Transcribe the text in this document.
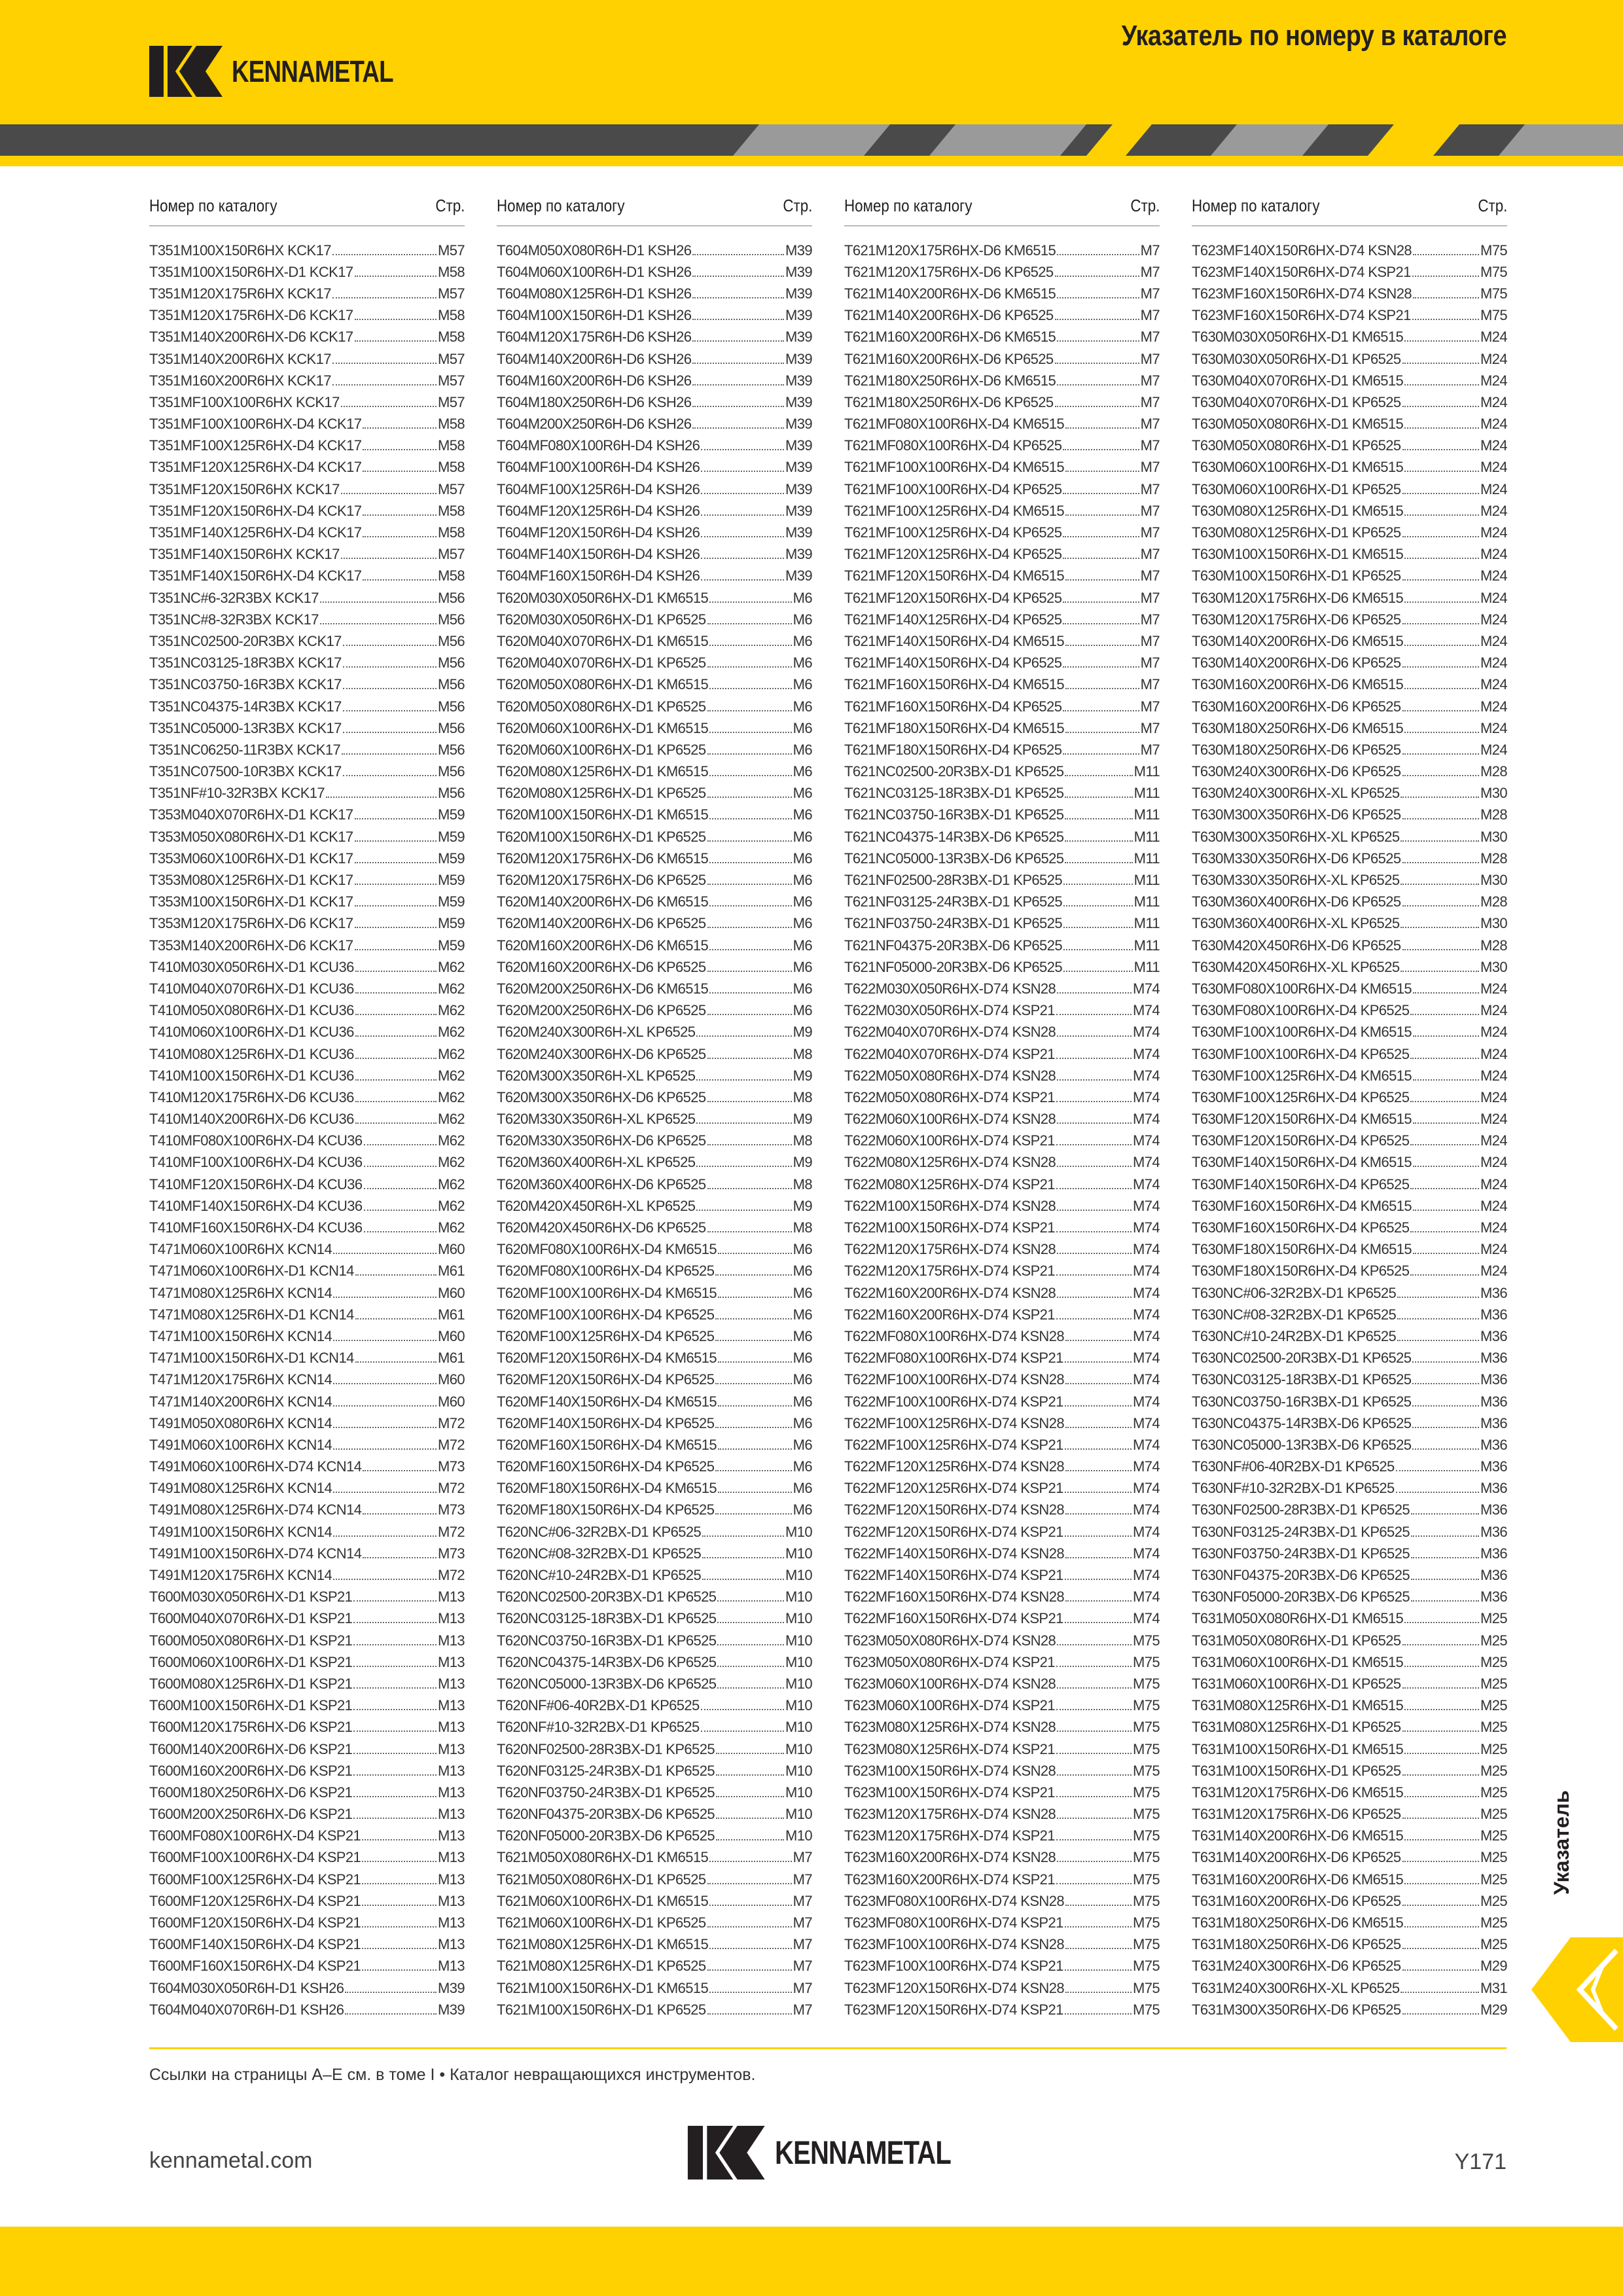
Указатель по номеру в каталоге
KENNAMETAL
Номер по каталогу	Стр.
T351M100X150R6HX KCK17	M57
T351M100X150R6HX-D1 KCK17	M58
T351M120X175R6HX KCK17	M57
T351M120X175R6HX-D6 KCK17	M58
T351M140X200R6HX-D6 KCK17	M58
T351M140X200R6HX KCK17	M57
T351M160X200R6HX KCK17	M57
T351MF100X100R6HX KCK17	M57
T351MF100X100R6HX-D4 KCK17	M58
T351MF100X125R6HX-D4 KCK17	M58
T351MF120X125R6HX-D4 KCK17	M58
T351MF120X150R6HX KCK17	M57
T351MF120X150R6HX-D4 KCK17	M58
T351MF140X125R6HX-D4 KCK17	M58
T351MF140X150R6HX KCK17	M57
T351MF140X150R6HX-D4 KCK17	M58
T351NC#6-32R3BX KCK17	M56
T351NC#8-32R3BX KCK17	M56
T351NC02500-20R3BX KCK17	M56
T351NC03125-18R3BX KCK17	M56
T351NC03750-16R3BX KCK17	M56
T351NC04375-14R3BX KCK17	M56
T351NC05000-13R3BX KCK17	M56
T351NC06250-11R3BX KCK17	M56
T351NC07500-10R3BX KCK17	M56
T351NF#10-32R3BX KCK17	M56
T353M040X070R6HX-D1 KCK17	M59
T353M050X080R6HX-D1 KCK17	M59
T353M060X100R6HX-D1 KCK17	M59
T353M080X125R6HX-D1 KCK17	M59
T353M100X150R6HX-D1 KCK17	M59
T353M120X175R6HX-D6 KCK17	M59
T353M140X200R6HX-D6 KCK17	M59
T410M030X050R6HX-D1 KCU36	M62
T410M040X070R6HX-D1 KCU36	M62
T410M050X080R6HX-D1 KCU36	M62
T410M060X100R6HX-D1 KCU36	M62
T410M080X125R6HX-D1 KCU36	M62
T410M100X150R6HX-D1 KCU36	M62
T410M120X175R6HX-D6 KCU36	M62
T410M140X200R6HX-D6 KCU36	M62
T410MF080X100R6HX-D4 KCU36	M62
T410MF100X100R6HX-D4 KCU36	M62
T410MF120X150R6HX-D4 KCU36	M62
T410MF140X150R6HX-D4 KCU36	M62
T410MF160X150R6HX-D4 KCU36	M62
T471M060X100R6HX KCN14	M60
T471M060X100R6HX-D1 KCN14	M61
T471M080X125R6HX KCN14	M60
T471M080X125R6HX-D1 KCN14	M61
T471M100X150R6HX KCN14	M60
T471M100X150R6HX-D1 KCN14	M61
T471M120X175R6HX KCN14	M60
T471M140X200R6HX KCN14	M60
T491M050X080R6HX KCN14	M72
T491M060X100R6HX KCN14	M72
T491M060X100R6HX-D74 KCN14	M73
T491M080X125R6HX KCN14	M72
T491M080X125R6HX-D74 KCN14	M73
T491M100X150R6HX KCN14	M72
T491M100X150R6HX-D74 KCN14	M73
T491M120X175R6HX KCN14	M72
T600M030X050R6HX-D1 KSP21	M13
T600M040X070R6HX-D1 KSP21	M13
T600M050X080R6HX-D1 KSP21	M13
T600M060X100R6HX-D1 KSP21	M13
T600M080X125R6HX-D1 KSP21	M13
T600M100X150R6HX-D1 KSP21	M13
T600M120X175R6HX-D6 KSP21	M13
T600M140X200R6HX-D6 KSP21	M13
T600M160X200R6HX-D6 KSP21	M13
T600M180X250R6HX-D6 KSP21	M13
T600M200X250R6HX-D6 KSP21	M13
T600MF080X100R6HX-D4 KSP21	M13
T600MF100X100R6HX-D4 KSP21	M13
T600MF100X125R6HX-D4 KSP21	M13
T600MF120X125R6HX-D4 KSP21	M13
T600MF120X150R6HX-D4 KSP21	M13
T600MF140X150R6HX-D4 KSP21	M13
T600MF160X150R6HX-D4 KSP21	M13
T604M030X050R6H-D1 KSH26	M39
T604M040X070R6H-D1 KSH26	M39
Номер по каталогу	Стр.
T604M050X080R6H-D1 KSH26	M39
T604M060X100R6H-D1 KSH26	M39
T604M080X125R6H-D1 KSH26	M39
T604M100X150R6H-D1 KSH26	M39
T604M120X175R6H-D6 KSH26	M39
T604M140X200R6H-D6 KSH26	M39
T604M160X200R6H-D6 KSH26	M39
T604M180X250R6H-D6 KSH26	M39
T604M200X250R6H-D6 KSH26	M39
T604MF080X100R6H-D4 KSH26	M39
T604MF100X100R6H-D4 KSH26	M39
T604MF100X125R6H-D4 KSH26	M39
T604MF120X125R6H-D4 KSH26	M39
T604MF120X150R6H-D4 KSH26	M39
T604MF140X150R6H-D4 KSH26	M39
T604MF160X150R6H-D4 KSH26	M39
T620M030X050R6HX-D1 KM6515	M6
T620M030X050R6HX-D1 KP6525	M6
T620M040X070R6HX-D1 KM6515	M6
T620M040X070R6HX-D1 KP6525	M6
T620M050X080R6HX-D1 KM6515	M6
T620M050X080R6HX-D1 KP6525	M6
T620M060X100R6HX-D1 KM6515	M6
T620M060X100R6HX-D1 KP6525	M6
T620M080X125R6HX-D1 KM6515	M6
T620M080X125R6HX-D1 KP6525	M6
T620M100X150R6HX-D1 KM6515	M6
T620M100X150R6HX-D1 KP6525	M6
T620M120X175R6HX-D6 KM6515	M6
T620M120X175R6HX-D6 KP6525	M6
T620M140X200R6HX-D6 KM6515	M6
T620M140X200R6HX-D6 KP6525	M6
T620M160X200R6HX-D6 KM6515	M6
T620M160X200R6HX-D6 KP6525	M6
T620M200X250R6HX-D6 KM6515	M6
T620M200X250R6HX-D6 KP6525	M6
T620M240X300R6H-XL KP6525	M9
T620M240X300R6HX-D6 KP6525	M8
T620M300X350R6H-XL KP6525	M9
T620M300X350R6HX-D6 KP6525	M8
T620M330X350R6H-XL KP6525	M9
T620M330X350R6HX-D6 KP6525	M8
T620M360X400R6H-XL KP6525	M9
T620M360X400R6HX-D6 KP6525	M8
T620M420X450R6H-XL KP6525	M9
T620M420X450R6HX-D6 KP6525	M8
T620MF080X100R6HX-D4 KM6515	M6
T620MF080X100R6HX-D4 KP6525	M6
T620MF100X100R6HX-D4 KM6515	M6
T620MF100X100R6HX-D4 KP6525	M6
T620MF100X125R6HX-D4 KP6525	M6
T620MF120X150R6HX-D4 KM6515	M6
T620MF120X150R6HX-D4 KP6525	M6
T620MF140X150R6HX-D4 KM6515	M6
T620MF140X150R6HX-D4 KP6525	M6
T620MF160X150R6HX-D4 KM6515	M6
T620MF160X150R6HX-D4 KP6525	M6
T620MF180X150R6HX-D4 KM6515	M6
T620MF180X150R6HX-D4 KP6525	M6
T620NC#06-32R2BX-D1 KP6525	M10
T620NC#08-32R2BX-D1 KP6525	M10
T620NC#10-24R2BX-D1 KP6525	M10
T620NC02500-20R3BX-D1 KP6525	M10
T620NC03125-18R3BX-D1 KP6525	M10
T620NC03750-16R3BX-D1 KP6525	M10
T620NC04375-14R3BX-D6 KP6525	M10
T620NC05000-13R3BX-D6 KP6525	M10
T620NF#06-40R2BX-D1 KP6525	M10
T620NF#10-32R2BX-D1 KP6525	M10
T620NF02500-28R3BX-D1 KP6525	M10
T620NF03125-24R3BX-D1 KP6525	M10
T620NF03750-24R3BX-D1 KP6525	M10
T620NF04375-20R3BX-D6 KP6525	M10
T620NF05000-20R3BX-D6 KP6525	M10
T621M050X080R6HX-D1 KM6515	M7
T621M050X080R6HX-D1 KP6525	M7
T621M060X100R6HX-D1 KM6515	M7
T621M060X100R6HX-D1 KP6525	M7
T621M080X125R6HX-D1 KM6515	M7
T621M080X125R6HX-D1 KP6525	M7
T621M100X150R6HX-D1 KM6515	M7
T621M100X150R6HX-D1 KP6525	M7
Номер по каталогу	Стр.
T621M120X175R6HX-D6 KM6515	M7
T621M120X175R6HX-D6 KP6525	M7
T621M140X200R6HX-D6 KM6515	M7
T621M140X200R6HX-D6 KP6525	M7
T621M160X200R6HX-D6 KM6515	M7
T621M160X200R6HX-D6 KP6525	M7
T621M180X250R6HX-D6 KM6515	M7
T621M180X250R6HX-D6 KP6525	M7
T621MF080X100R6HX-D4 KM6515	M7
T621MF080X100R6HX-D4 KP6525	M7
T621MF100X100R6HX-D4 KM6515	M7
T621MF100X100R6HX-D4 KP6525	M7
T621MF100X125R6HX-D4 KM6515	M7
T621MF100X125R6HX-D4 KP6525	M7
T621MF120X125R6HX-D4 KP6525	M7
T621MF120X150R6HX-D4 KM6515	M7
T621MF120X150R6HX-D4 KP6525	M7
T621MF140X125R6HX-D4 KP6525	M7
T621MF140X150R6HX-D4 KM6515	M7
T621MF140X150R6HX-D4 KP6525	M7
T621MF160X150R6HX-D4 KM6515	M7
T621MF160X150R6HX-D4 KP6525	M7
T621MF180X150R6HX-D4 KM6515	M7
T621MF180X150R6HX-D4 KP6525	M7
T621NC02500-20R3BX-D1 KP6525	M11
T621NC03125-18R3BX-D1 KP6525	M11
T621NC03750-16R3BX-D1 KP6525	M11
T621NC04375-14R3BX-D6 KP6525	M11
T621NC05000-13R3BX-D6 KP6525	M11
T621NF02500-28R3BX-D1 KP6525	M11
T621NF03125-24R3BX-D1 KP6525	M11
T621NF03750-24R3BX-D1 KP6525	M11
T621NF04375-20R3BX-D6 KP6525	M11
T621NF05000-20R3BX-D6 KP6525	M11
T622M030X050R6HX-D74 KSN28	M74
T622M030X050R6HX-D74 KSP21	M74
T622M040X070R6HX-D74 KSN28	M74
T622M040X070R6HX-D74 KSP21	M74
T622M050X080R6HX-D74 KSN28	M74
T622M050X080R6HX-D74 KSP21	M74
T622M060X100R6HX-D74 KSN28	M74
T622M060X100R6HX-D74 KSP21	M74
T622M080X125R6HX-D74 KSN28	M74
T622M080X125R6HX-D74 KSP21	M74
T622M100X150R6HX-D74 KSN28	M74
T622M100X150R6HX-D74 KSP21	M74
T622M120X175R6HX-D74 KSN28	M74
T622M120X175R6HX-D74 KSP21	M74
T622M160X200R6HX-D74 KSN28	M74
T622M160X200R6HX-D74 KSP21	M74
T622MF080X100R6HX-D74 KSN28	M74
T622MF080X100R6HX-D74 KSP21	M74
T622MF100X100R6HX-D74 KSN28	M74
T622MF100X100R6HX-D74 KSP21	M74
T622MF100X125R6HX-D74 KSN28	M74
T622MF100X125R6HX-D74 KSP21	M74
T622MF120X125R6HX-D74 KSN28	M74
T622MF120X125R6HX-D74 KSP21	M74
T622MF120X150R6HX-D74 KSN28	M74
T622MF120X150R6HX-D74 KSP21	M74
T622MF140X150R6HX-D74 KSN28	M74
T622MF140X150R6HX-D74 KSP21	M74
T622MF160X150R6HX-D74 KSN28	M74
T622MF160X150R6HX-D74 KSP21	M74
T623M050X080R6HX-D74 KSN28	M75
T623M050X080R6HX-D74 KSP21	M75
T623M060X100R6HX-D74 KSN28	M75
T623M060X100R6HX-D74 KSP21	M75
T623M080X125R6HX-D74 KSN28	M75
T623M080X125R6HX-D74 KSP21	M75
T623M100X150R6HX-D74 KSN28	M75
T623M100X150R6HX-D74 KSP21	M75
T623M120X175R6HX-D74 KSN28	M75
T623M120X175R6HX-D74 KSP21	M75
T623M160X200R6HX-D74 KSN28	M75
T623M160X200R6HX-D74 KSP21	M75
T623MF080X100R6HX-D74 KSN28	M75
T623MF080X100R6HX-D74 KSP21	M75
T623MF100X100R6HX-D74 KSN28	M75
T623MF100X100R6HX-D74 KSP21	M75
T623MF120X150R6HX-D74 KSN28	M75
T623MF120X150R6HX-D74 KSP21	M75
Номер по каталогу	Стр.
T623MF140X150R6HX-D74 KSN28	M75
T623MF140X150R6HX-D74 KSP21	M75
T623MF160X150R6HX-D74 KSN28	M75
T623MF160X150R6HX-D74 KSP21	M75
T630M030X050R6HX-D1 KM6515	M24
T630M030X050R6HX-D1 KP6525	M24
T630M040X070R6HX-D1 KM6515	M24
T630M040X070R6HX-D1 KP6525	M24
T630M050X080R6HX-D1 KM6515	M24
T630M050X080R6HX-D1 KP6525	M24
T630M060X100R6HX-D1 KM6515	M24
T630M060X100R6HX-D1 KP6525	M24
T630M080X125R6HX-D1 KM6515	M24
T630M080X125R6HX-D1 KP6525	M24
T630M100X150R6HX-D1 KM6515	M24
T630M100X150R6HX-D1 KP6525	M24
T630M120X175R6HX-D6 KM6515	M24
T630M120X175R6HX-D6 KP6525	M24
T630M140X200R6HX-D6 KM6515	M24
T630M140X200R6HX-D6 KP6525	M24
T630M160X200R6HX-D6 KM6515	M24
T630M160X200R6HX-D6 KP6525	M24
T630M180X250R6HX-D6 KM6515	M24
T630M180X250R6HX-D6 KP6525	M24
T630M240X300R6HX-D6 KP6525	M28
T630M240X300R6HX-XL KP6525	M30
T630M300X350R6HX-D6 KP6525	M28
T630M300X350R6HX-XL KP6525	M30
T630M330X350R6HX-D6 KP6525	M28
T630M330X350R6HX-XL KP6525	M30
T630M360X400R6HX-D6 KP6525	M28
T630M360X400R6HX-XL KP6525	M30
T630M420X450R6HX-D6 KP6525	M28
T630M420X450R6HX-XL KP6525	M30
T630MF080X100R6HX-D4 KM6515	M24
T630MF080X100R6HX-D4 KP6525	M24
T630MF100X100R6HX-D4 KM6515	M24
T630MF100X100R6HX-D4 KP6525	M24
T630MF100X125R6HX-D4 KM6515	M24
T630MF100X125R6HX-D4 KP6525	M24
T630MF120X150R6HX-D4 KM6515	M24
T630MF120X150R6HX-D4 KP6525	M24
T630MF140X150R6HX-D4 KM6515	M24
T630MF140X150R6HX-D4 KP6525	M24
T630MF160X150R6HX-D4 KM6515	M24
T630MF160X150R6HX-D4 KP6525	M24
T630MF180X150R6HX-D4 KM6515	M24
T630MF180X150R6HX-D4 KP6525	M24
T630NC#06-32R2BX-D1 KP6525	M36
T630NC#08-32R2BX-D1 KP6525	M36
T630NC#10-24R2BX-D1 KP6525	M36
T630NC02500-20R3BX-D1 KP6525	M36
T630NC03125-18R3BX-D1 KP6525	M36
T630NC03750-16R3BX-D1 KP6525	M36
T630NC04375-14R3BX-D6 KP6525	M36
T630NC05000-13R3BX-D6 KP6525	M36
T630NF#06-40R2BX-D1 KP6525	M36
T630NF#10-32R2BX-D1 KP6525	M36
T630NF02500-28R3BX-D1 KP6525	M36
T630NF03125-24R3BX-D1 KP6525	M36
T630NF03750-24R3BX-D1 KP6525	M36
T630NF04375-20R3BX-D6 KP6525	M36
T630NF05000-20R3BX-D6 KP6525	M36
T631M050X080R6HX-D1 KM6515	M25
T631M050X080R6HX-D1 KP6525	M25
T631M060X100R6HX-D1 KM6515	M25
T631M060X100R6HX-D1 KP6525	M25
T631M080X125R6HX-D1 KM6515	M25
T631M080X125R6HX-D1 KP6525	M25
T631M100X150R6HX-D1 KM6515	M25
T631M100X150R6HX-D1 KP6525	M25
T631M120X175R6HX-D6 KM6515	M25
T631M120X175R6HX-D6 KP6525	M25
T631M140X200R6HX-D6 KM6515	M25
T631M140X200R6HX-D6 KP6525	M25
T631M160X200R6HX-D6 KM6515	M25
T631M160X200R6HX-D6 KP6525	M25
T631M180X250R6HX-D6 KM6515	M25
T631M180X250R6HX-D6 KP6525	M25
T631M240X300R6HX-D6 KP6525	M29
T631M240X300R6HX-XL KP6525	M31
T631M300X350R6HX-D6 KP6525	M29
Указатель
Ссылки на страницы A–E см. в томе I • Каталог невращающихся инструментов.
kennametal.com	KENNAMETAL	Y171
